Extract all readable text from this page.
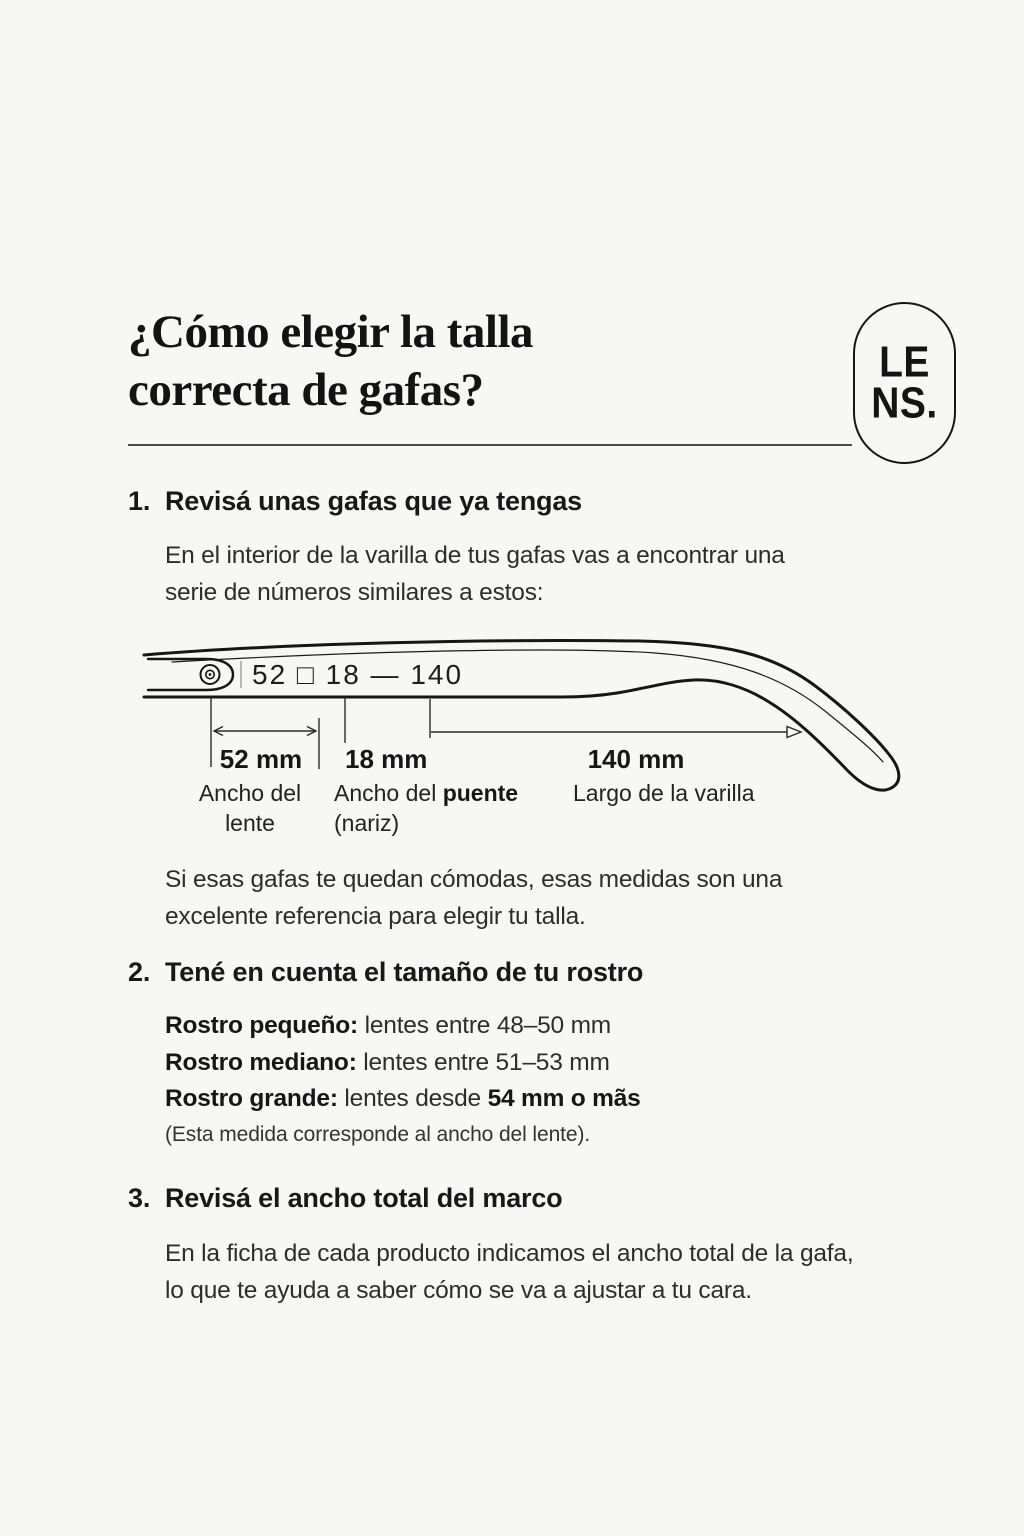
¿Cómo elegir la talla
correcta de gafas?
LE
NS.
1. Revisá unas gafas que ya tengas
En el interior de la varilla de tus gafas vas a encontrar una
serie de números similares a estos:
52 □ 18 — 140
52 mm
Ancho del
lente
18 mm
Ancho del puente
(nariz)
140 mm
Largo de la varilla
Si esas gafas te quedan cómodas, esas medidas son una
excelente referencia para elegir tu talla.
2. Tené en cuenta el tamaño de tu rostro
Rostro pequeño: lentes entre 48–50 mm
Rostro mediano: lentes entre 51–53 mm
Rostro grande: lentes desde 54 mm o mãs
(Esta medida corresponde al ancho del lente).
3. Revisá el ancho total del marco
En la ficha de cada producto indicamos el ancho total de la gafa,
lo que te ayuda a saber cómo se va a ajustar a tu cara.
